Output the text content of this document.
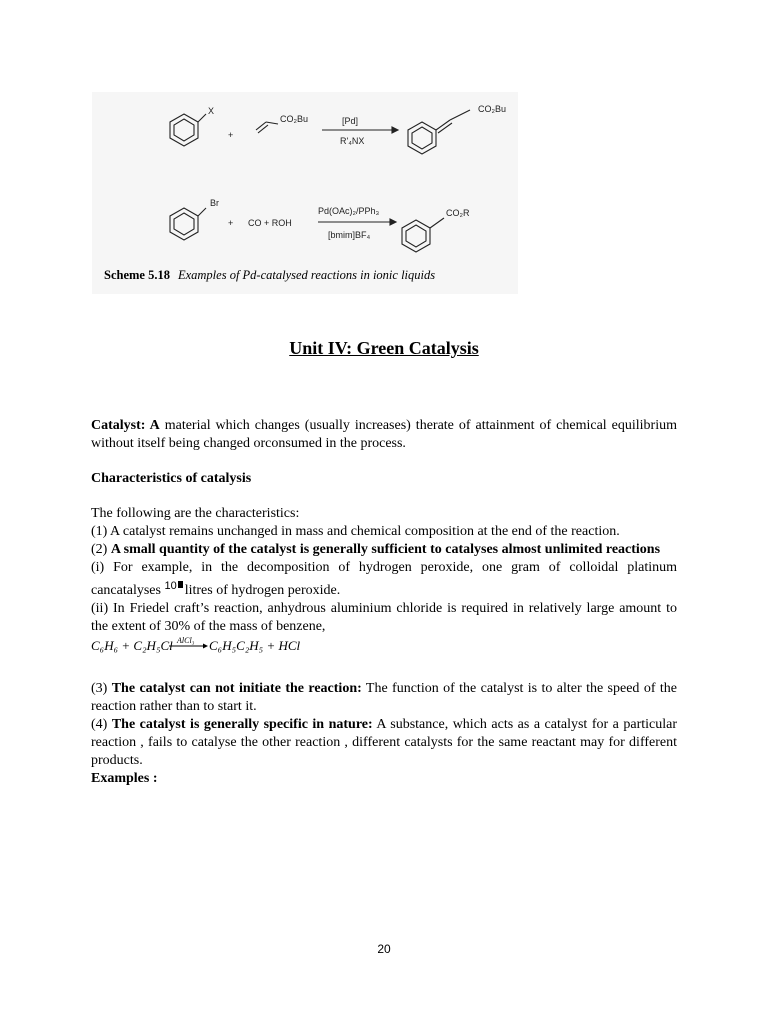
X
+
CO₂Bu	[Pd]
R'₄NX
CO₂Bu
Br
+ CO + ROH
Pd(OAc)₂/PPh₃
[bmim]BF₄
CO₂R
Scheme 5.18 Examples of Pd-catalysed reactions in ionic liquids
Unit IV: Green Catalysis

Catalyst: A material which changes (usually increases) therate of attainment of chemical equilibrium without itself being changed orconsumed in the process.

Characteristics of catalysis

The following are the characteristics:

(1) A catalyst remains unchanged in mass and chemical composition at the end of the reaction.

(2) A small quantity of the catalyst is generally sufficient to catalyses almost unlimited reactions

(i) For example, in the decomposition of hydrogen peroxide, one gram of colloidal platinum cancatalyses $^{10}$ litres of hydrogen peroxide.

(ii) In Friedel craft’s reaction, anhydrous aluminium chloride is required in relatively large amount to the extent of 30% of the mass of benzene,

C₆H₆ + C₂H₅Cl AlCl₃ C₆H₅C₂H₅ + HCl

(3) The catalyst can not initiate the reaction: The function of the catalyst is to alter the speed of the reaction rather than to start it.

(4) The catalyst is generally specific in nature: A substance, which acts as a catalyst for a particular reaction , fails to catalyse the other reaction , different catalysts for the same reactant may for different products.

Examples :

20
